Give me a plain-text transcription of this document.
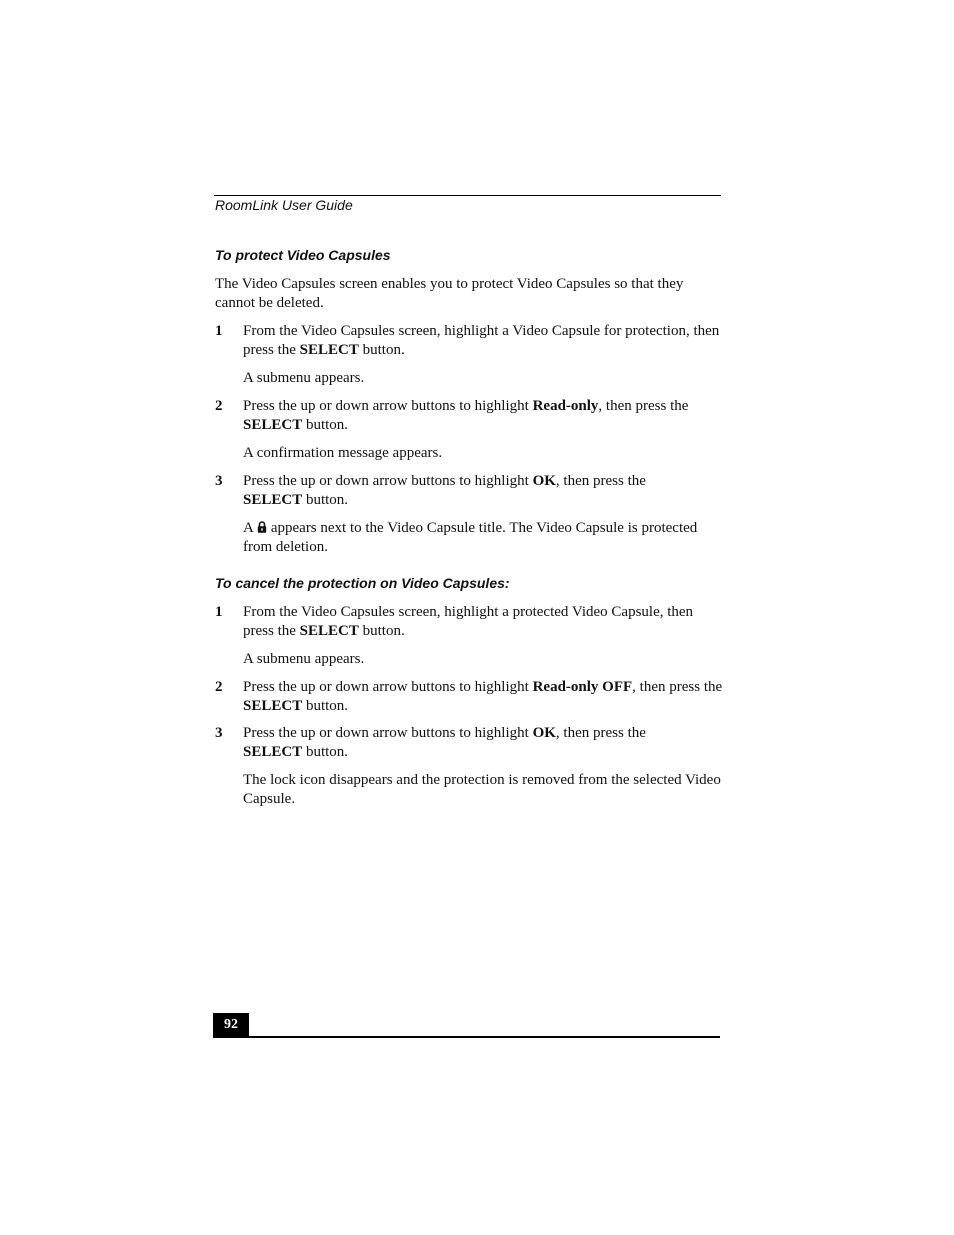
RoomLink User Guide
To protect Video Capsules
The Video Capsules screen enables you to protect Video Capsules so that they cannot be deleted.
1 From the Video Capsules screen, highlight a Video Capsule for protection, then press the SELECT button.
A submenu appears.
2 Press the up or down arrow buttons to highlight Read-only, then press the
SELECT button.
A confirmation message appears.
3 Press the up or down arrow buttons to highlight OK, then press the
SELECT button.
A appears next to the Video Capsule title. The Video Capsule is protected from deletion.
To cancel the protection on Video Capsules:
1 From the Video Capsules screen, highlight a protected Video Capsule, then press the SELECT button.
A submenu appears.
2 Press the up or down arrow buttons to highlight Read-only OFF, then press the SELECT button.
3 Press the up or down arrow buttons to highlight OK, then press the
SELECT button.
The lock icon disappears and the protection is removed from the selected Video Capsule.
92
